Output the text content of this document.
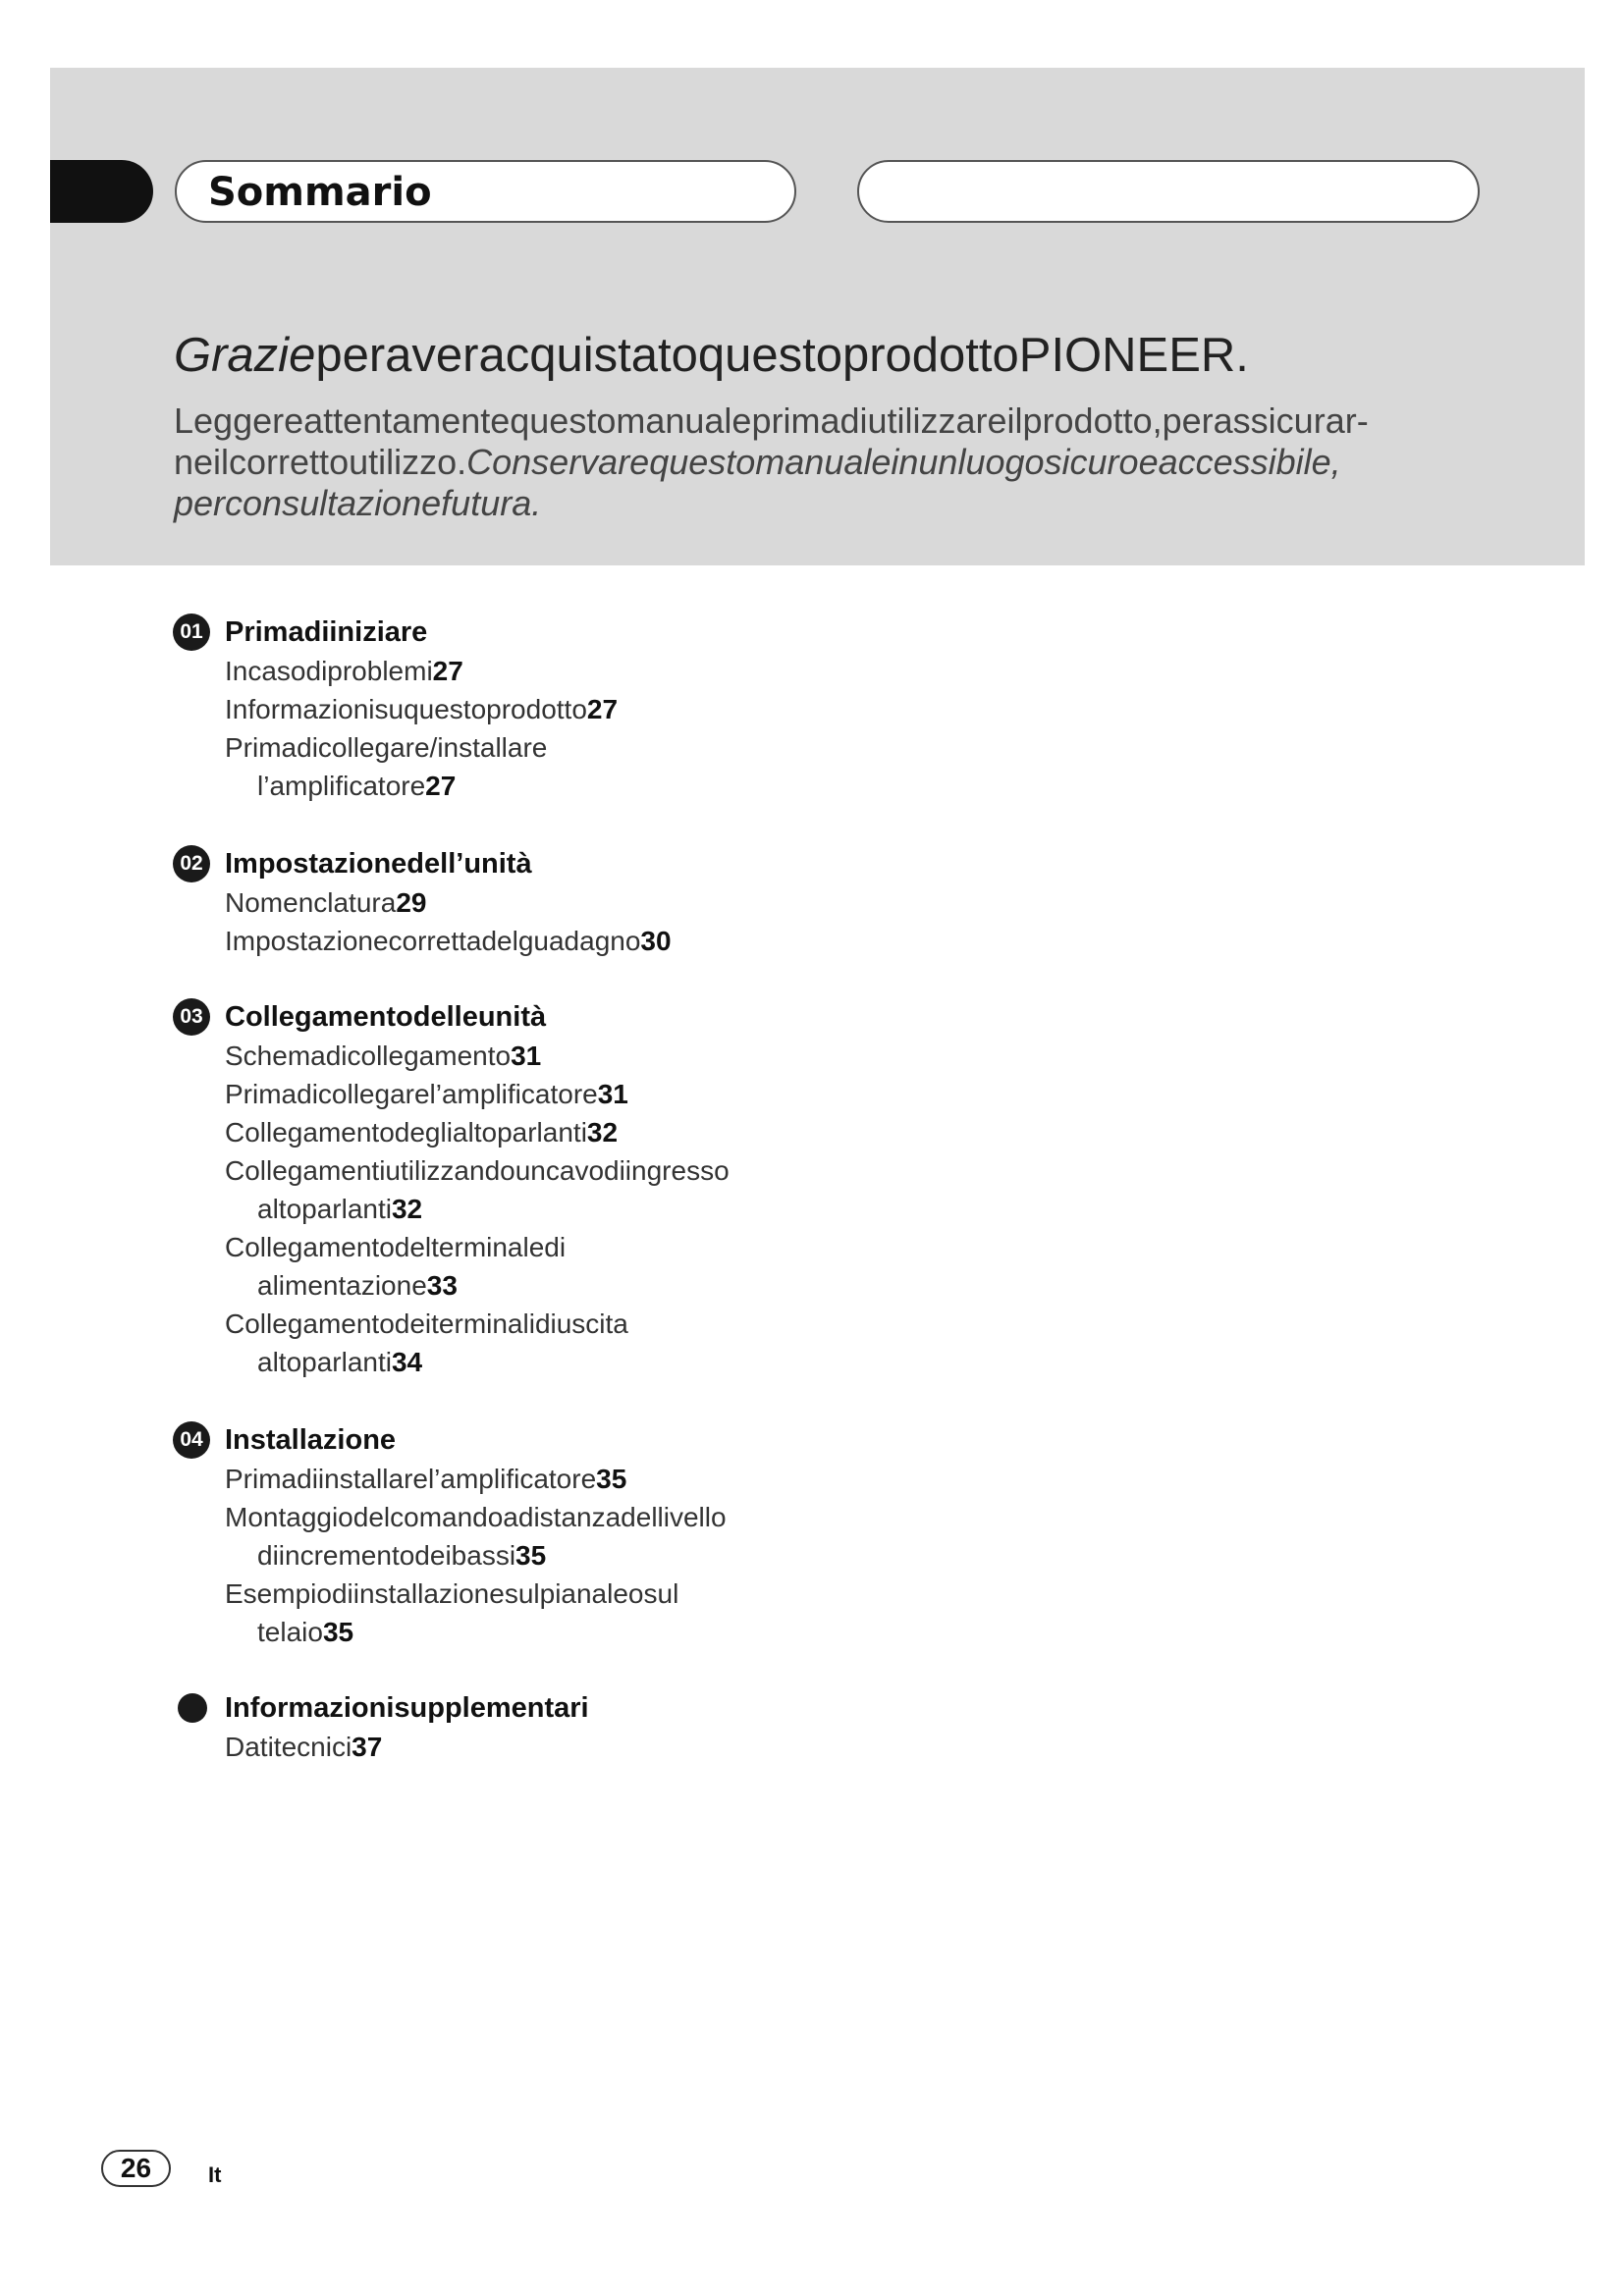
Sommario
GrazieperaveracquistatoquestoprodottoPIONEER.
Leggereattentamentequestomanualeprimadiutilizzareilprodotto,perassicurar-neilcorrettoutilizzo.Conservarequestomanualeinunluogosicuroeaccessibile, perconsultazionefutura.
01 Primadiiniziare
Incasodiproblemi27
Informazionisuquestoprodotto27
Primadicollegare/installare l’amplificatore27
02 Impostazionedell’unità
Nomenclatura29
Impostazionecorrettadelguadagno30
03 Collegamentodelleunità
Schemadicollegamento31
Primadicollegarel’amplificatore31
Collegamentodeglialtoparlanti32
Collegamentiutilizzandouncavodiingresso altoparlanti32
Collegamentodelterminaledi alimentazione33
Collegamentodeiterminalidiuscita altoparlanti34
04 Installazione
Primadiinstallarel’amplificatore35
Montaggiodelcomandoadistanzadellivello diincrementodeibassi35
Esempiodiinstallazionesulpianaleosul telaio35
Informazionisupplementari
Datitecnici37
26	It
